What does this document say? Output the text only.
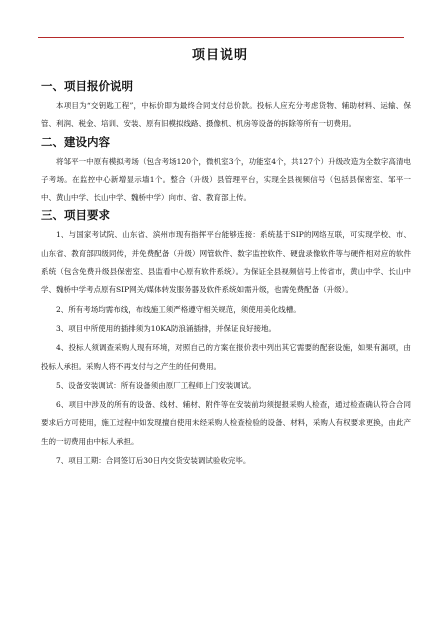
项目说明
一、项目报价说明

本项目为“交钥匙工程”，中标价即为最终合同支付总价款。投标人应充分考虑货物、辅助材料、运输、保管、利润、税金、培训、安装、原有旧模拟线路、摄像机、机房等设备的拆除等所有一切费用。

二、建设内容

将邹平一中原有模拟考场（包含考场120个，微机室3个，功能室4个，共127个）升级改造为全数字高清电子考场。在监控中心新增显示墙1个。整合（升级）县管理平台，实现全县视频信号（包括县保密室、邹平一中、黄山中学、长山中学、魏桥中学）向市、省、教育部上传。

三、项目要求

1、与国家考试院、山东省、滨州市现有指挥平台能够连接：系统基于SIP的网络互联，可实现学校、市、山东省、教育部四级同传，并免费配备（升级）网管软件、数字监控软件、硬盘录像软件等与硬件相对应的软件系统（包含免费升级县保密室、县监看中心原有软件系统）。为保证全县视频信号上传省市，黄山中学、长山中学、魏桥中学考点原有SIP网关/媒体转发服务器及软件系统如需升级，也需免费配备（升级）。

2、所有考场均需布线，布线施工须严格遵守相关规范，须使用美化线槽。

3、项目中所使用的插排须为10KA防浪涌插排，并保证良好接地。

4、投标人须调查采购人现有环境，对照自己的方案在报价表中列出其它需要的配套设施，如果有漏项，由投标人承担。采购人将不再支付与之产生的任何费用。

5、设备安装调试：所有设备须由原厂工程师上门安装调试。

6、项目中涉及的所有的设备、线材、辅材、附件等在安装前均须提报采购人检查，通过检查确认符合合同要求后方可使用，施工过程中如发现擅自使用未经采购人检查检验的设备、材料，采购人有权要求更换，由此产生的一切费用由中标人承担。

7、项目工期：合同签订后30日内交货安装调试验收完毕。
